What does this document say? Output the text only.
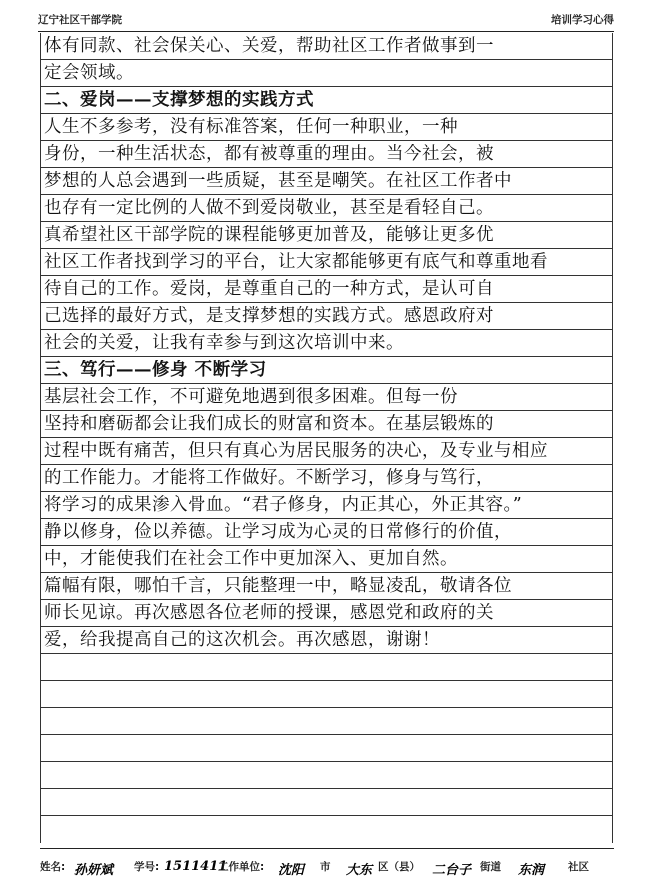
辽宁社区干部学院	培训学习心得
体有同款、社会保关心、关爱，帮助社区工作者做事到一
定会领域。
二、爱岗——支撑梦想的实践方式
人生不多参考，没有标准答案，任何一种职业，一种
身份，一种生活状态，都有被尊重的理由。当今社会，被
梦想的人总会遇到一些质疑，甚至是嘲笑。在社区工作者中
也存有一定比例的人做不到爱岗敬业，甚至是看轻自己。
真希望社区干部学院的课程能够更加普及，能够让更多优
社区工作者找到学习的平台，让大家都能够更有底气和尊重地看
待自己的工作。爱岗，是尊重自己的一种方式，是认可自
己选择的最好方式，是支撑梦想的实践方式。感恩政府对
社会的关爱，让我有幸参与到这次培训中来。
三、笃行——修身 不断学习
基层社会工作，不可避免地遇到很多困难。但每一份
坚持和磨砺都会让我们成长的财富和资本。在基层锻炼的
过程中既有痛苦，但只有真心为居民服务的决心，及专业与相应
的工作能力。才能将工作做好。不断学习，修身与笃行，
将学习的成果渗入骨血。“君子修身，内正其心，外正其容。”
静以修身，俭以养德。让学习成为心灵的日常修行的价值，
中，才能使我们在社会工作中更加深入、更加自然。
篇幅有限，哪怕千言，只能整理一中，略显凌乱，敬请各位
师长见谅。再次感恩各位老师的授课，感恩党和政府的关
爱，给我提高自己的这次机会。再次感恩，谢谢！
姓名: 孙妍斌 学号: 1511411
工作单位: 沈阳 市 大东 区（县） 二台子 街道 东润 社区
